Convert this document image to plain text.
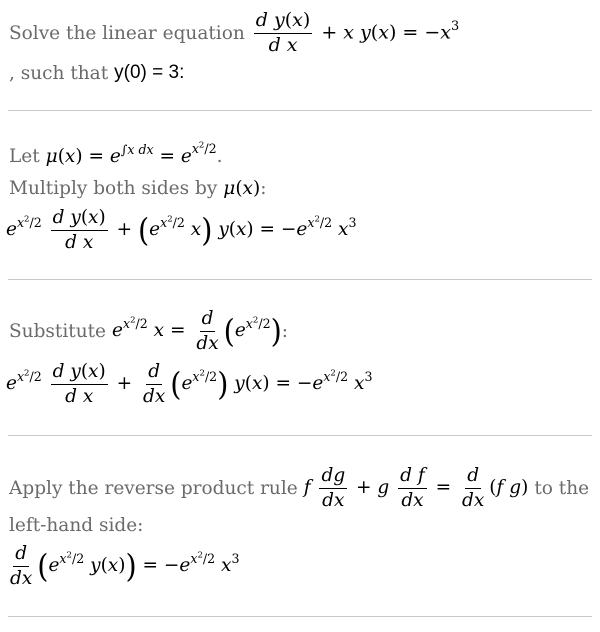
Solve the linear equation $\frac{\text{d y(x)}}{\text{d x}} + x$ $y(x) = -x^3$
, such that y(0) = 3:
Let $\mu(x) = e^{\int x dx} = e^{x^2/2}$.
Multiply both sides by μ(x) :
$e^{x^2/2} \frac{\text{d y(x)}}{\text{d x}} + (e^{x^2/2}$ x) $y(x) = -e^{x^2/2}$ $x^3$
Substitute $e^{x^2/2}$ $x = \frac{d}{dx} (e^{x^2/2})$ :
$e^{x^2/2} \frac{\text{d y(x)}}{\text{d x}} + \frac{d}{dx} (e^{x^2/2}) y(x) = -e^{x^2/2}$ $x^3$
Apply the reverse product rule f $\frac{dg}{dx} + g \frac{\text{d f}}{dx} = \frac{d}{dx} (f$ g) to the
left-hand side:
$\frac{d}{dx} (e^{x^2/2}$ $y(x)) = -e^{x^2/2}$ $x^3$
